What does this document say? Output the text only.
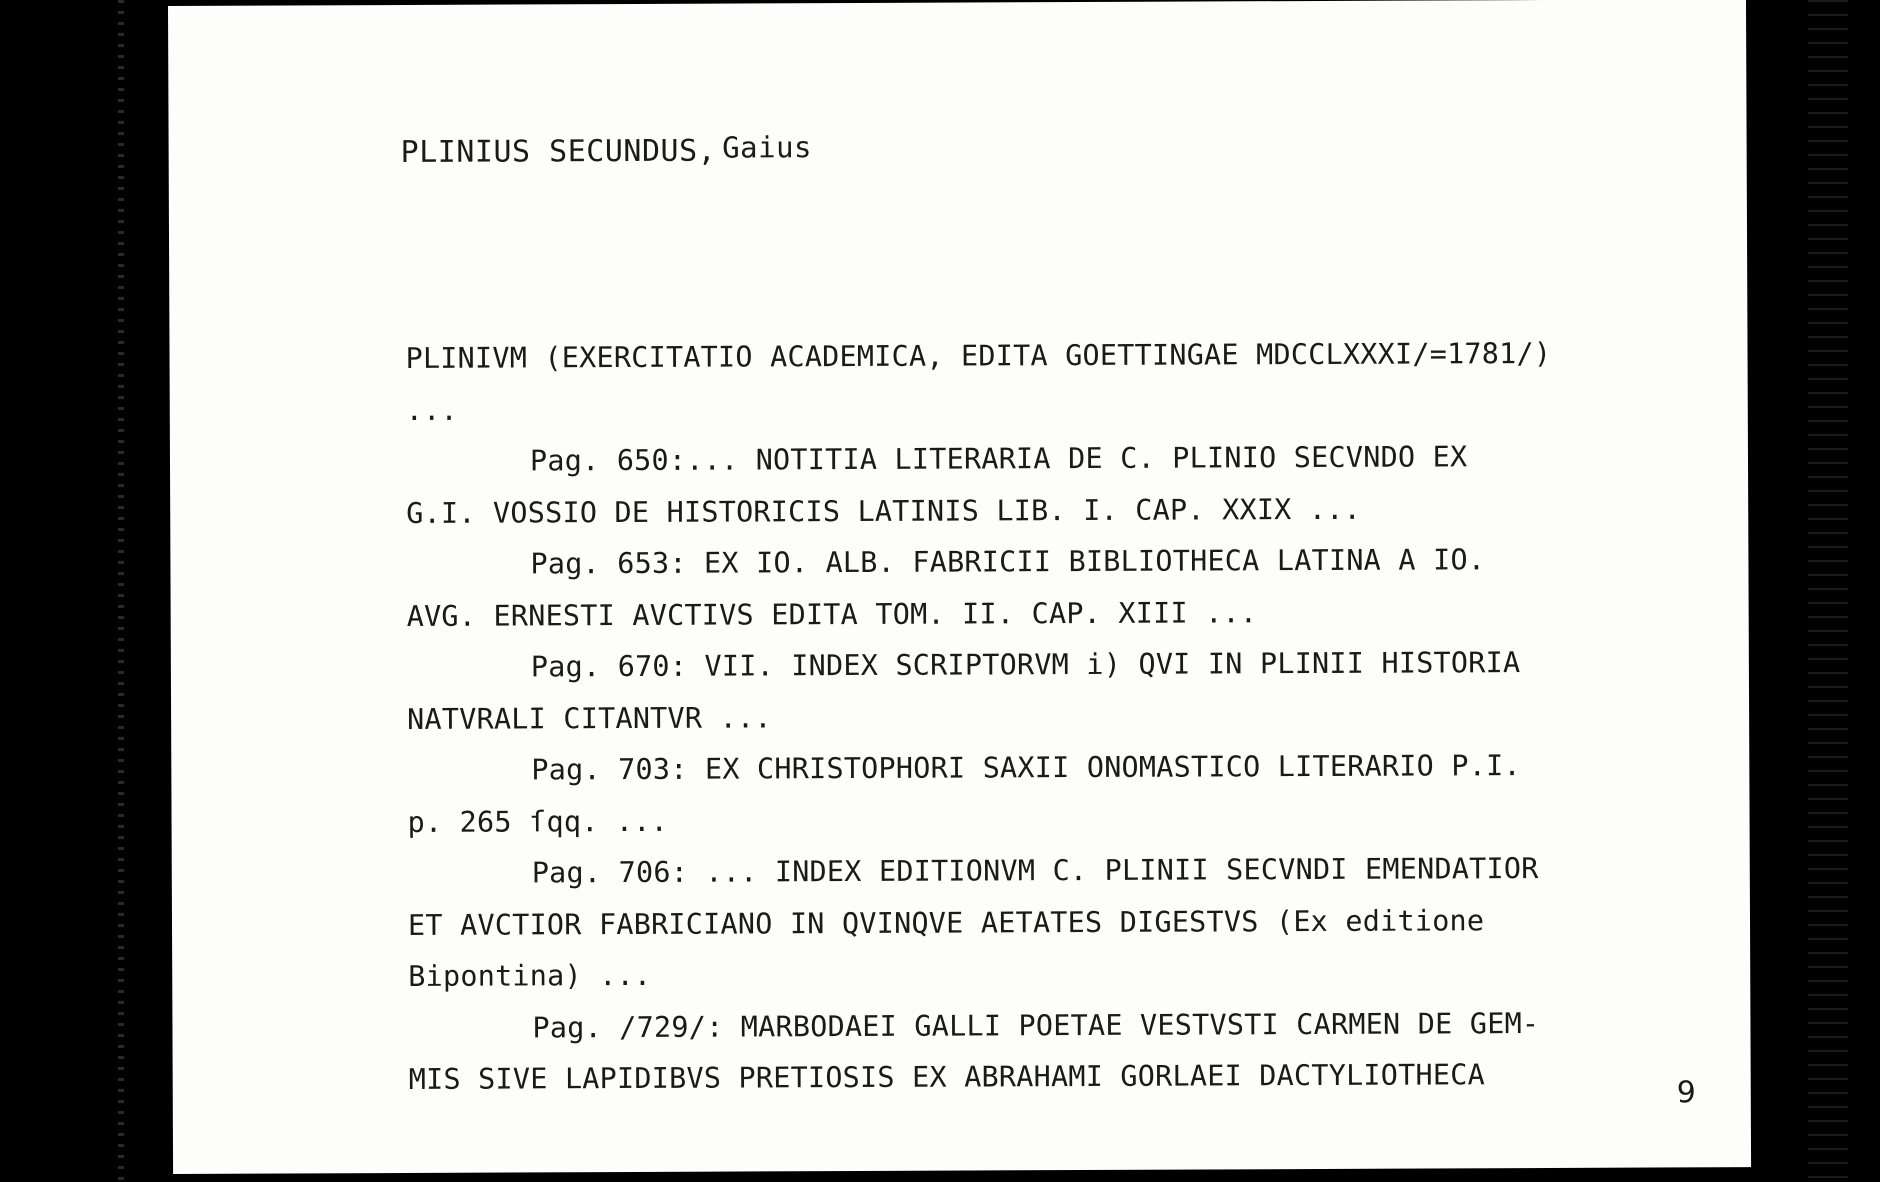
PLINIUS SECUNDUS, Gaius
PLINIVM (EXERCITATIO ACADEMICA, EDITA GOETTINGAE MDCCLXXXI/=1781/)
...
Pag. 650:... NOTITIA LITERARIA DE C. PLINIO SECVNDO EX
G.I. VOSSIO DE HISTORICIS LATINIS LIB. I. CAP. XXIX ...
Pag. 653: EX IO. ALB. FABRICII BIBLIOTHECA LATINA A IO.
AVG. ERNESTI AVCTIVS EDITA TOM. II. CAP. XIII ...
Pag. 670: VII. INDEX SCRIPTORVM i) QVI IN PLINII HISTORIA
NATVRALI CITANTVR ...
Pag. 703: EX CHRISTOPHORI SAXII ONOMASTICO LITERARIO P.I.
p. 265 ſqq. ...
Pag. 706: ... INDEX EDITIONVM C. PLINII SECVNDI EMENDATIOR
ET AVCTIOR FABRICIANO IN QVINQVE AETATES DIGESTVS (Ex editione
Bipontina) ...
Pag. /729/: MARBODAEI GALLI POETAE VESTVSTI CARMEN DE GEM-
MIS SIVE LAPIDIBVS PRETIOSIS EX ABRAHAMI GORLAEI DACTYLIOTHECA	9
